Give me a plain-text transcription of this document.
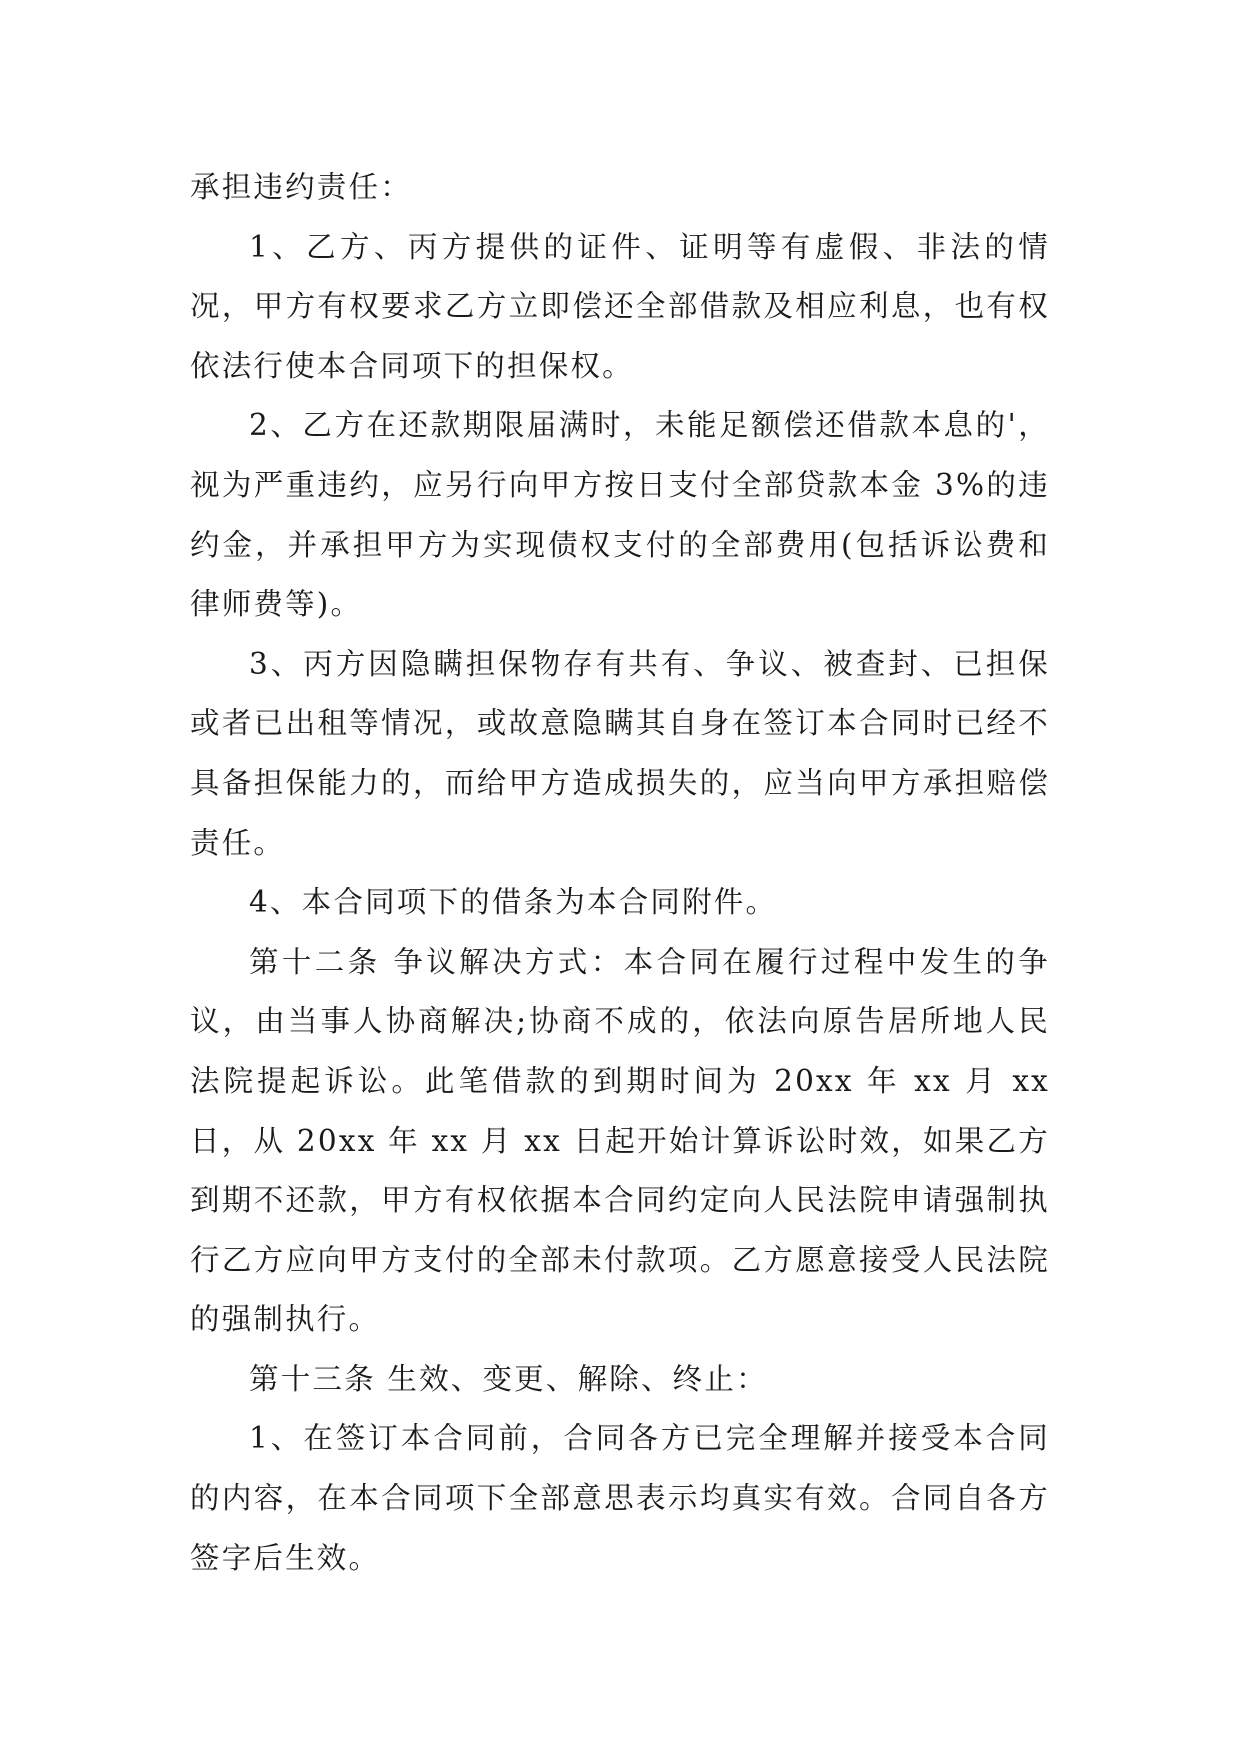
承担违约责任：

1、乙方、丙方提供的证件、证明等有虚假、非法的情况，甲方有权要求乙方立即偿还全部借款及相应利息，也有权依法行使本合同项下的担保权。

2、乙方在还款期限届满时，未能足额偿还借款本息的'，视为严重违约，应另行向甲方按日支付全部贷款本金 3%的违约金，并承担甲方为实现债权支付的全部费用(包括诉讼费和律师费等)。

3、丙方因隐瞒担保物存有共有、争议、被查封、已担保或者已出租等情况，或故意隐瞒其自身在签订本合同时已经不具备担保能力的，而给甲方造成损失的，应当向甲方承担赔偿责任。

4、本合同项下的借条为本合同附件。

第十二条 争议解决方式：本合同在履行过程中发生的争议，由当事人协商解决;协商不成的，依法向原告居所地人民法院提起诉讼。此笔借款的到期时间为 20xx 年 xx 月 xx 日，从 20xx 年 xx 月 xx 日起开始计算诉讼时效，如果乙方到期不还款，甲方有权依据本合同约定向人民法院申请强制执行乙方应向甲方支付的全部未付款项。乙方愿意接受人民法院的强制执行。

第十三条 生效、变更、解除、终止：

1、在签订本合同前，合同各方已完全理解并接受本合同的内容，在本合同项下全部意思表示均真实有效。合同自各方签字后生效。
